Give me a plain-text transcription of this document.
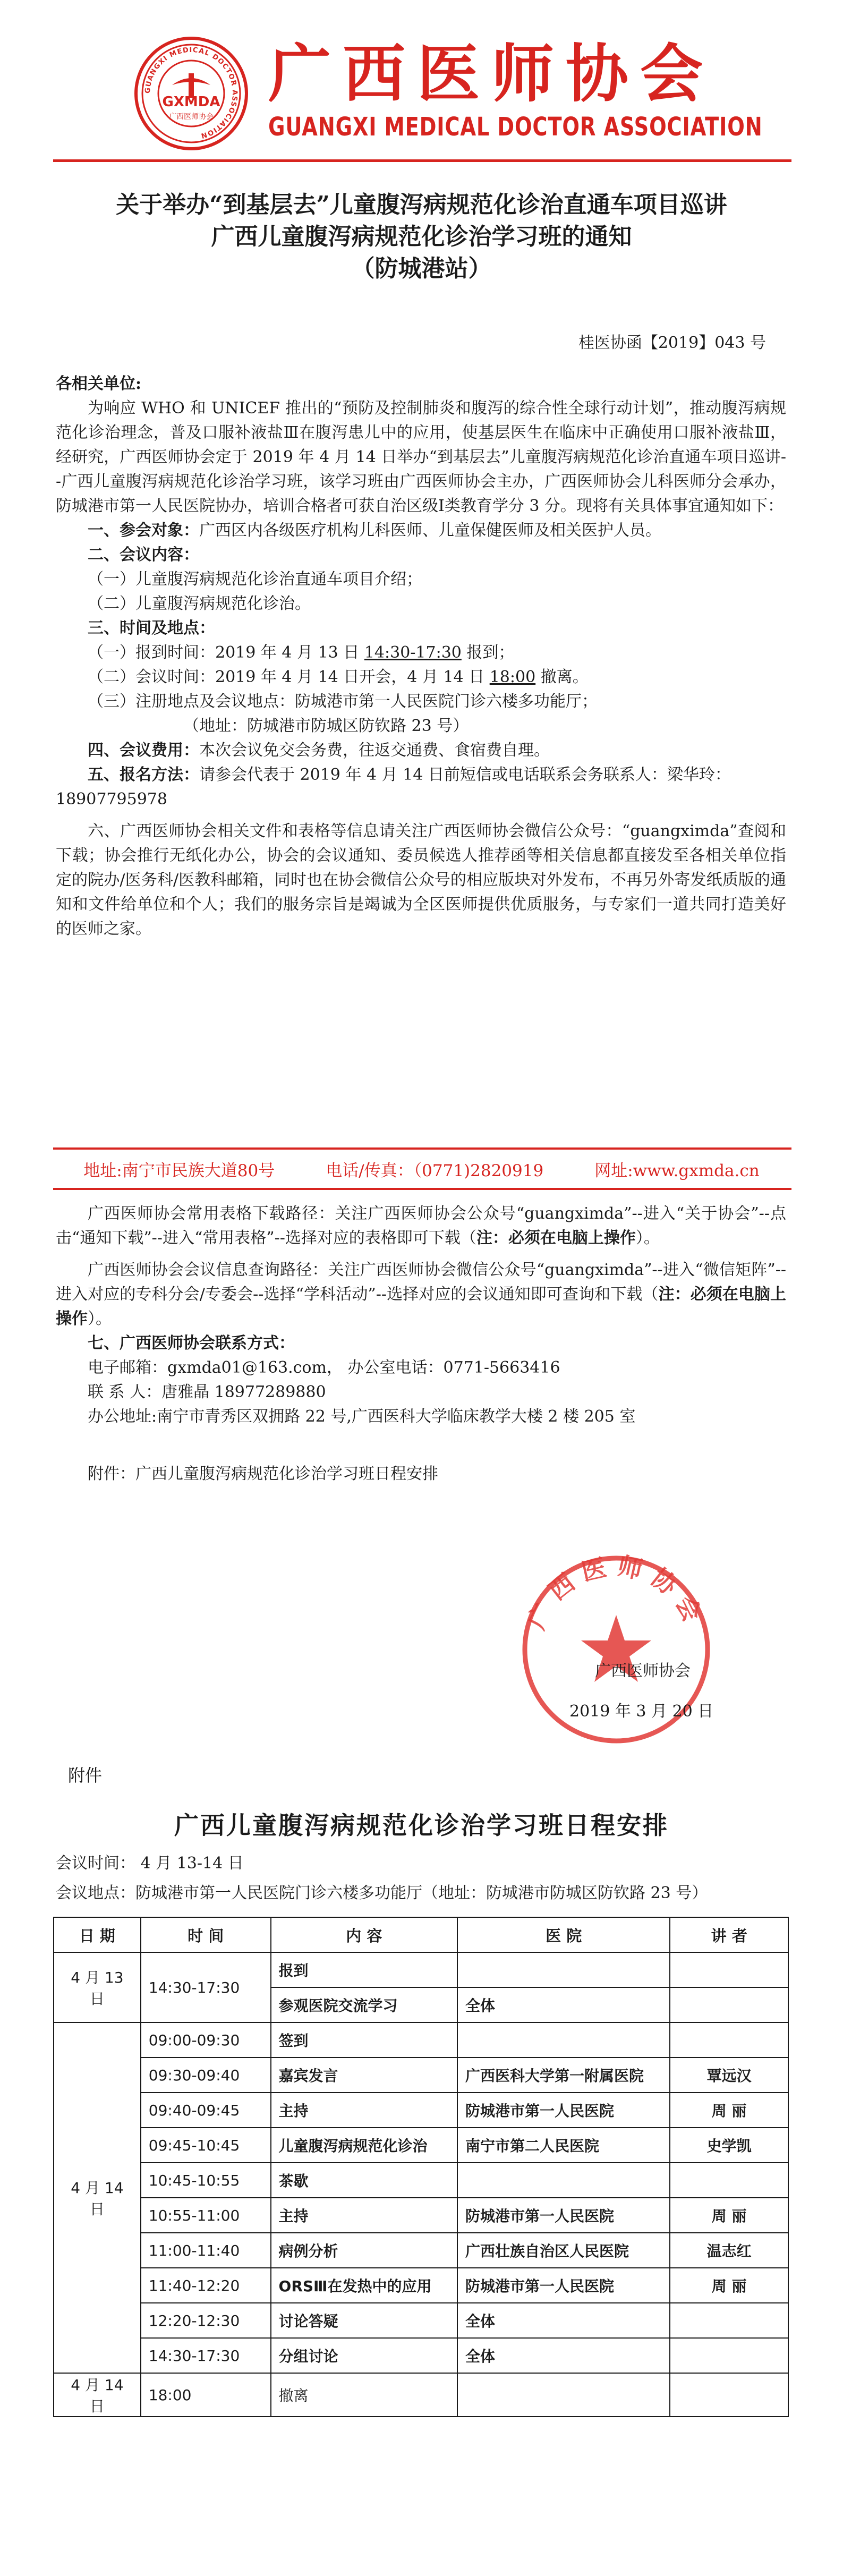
GUANGXI MEDICAL DOCTOR ASSOCIATION
GXMDA
广西医师协会
广西医师协会
GUANGXI MEDICAL DOCTOR ASSOCIATION
关于举办“到基层去”儿童腹泻病规范化诊治直通车项目巡讲
广西儿童腹泻病规范化诊治学习班的通知
（防城港站）
桂医协函【2019】043 号

各相关单位:

为响应 WHO 和 UNICEF 推出的“预防及控制肺炎和腹泻的综合性全球行动计划”，推动腹泻病规范化诊治理念，普及口服补液盐Ⅲ在腹泻患儿中的应用，使基层医生在临床中正确使用口服补液盐Ⅲ，经研究，广西医师协会定于 2019 年 4 月 14 日举办“到基层去”儿童腹泻病规范化诊治直通车项目巡讲--广西儿童腹泻病规范化诊治学习班，该学习班由广西医师协会主办，广西医师协会儿科医师分会承办，防城港市第一人民医院协办，培训合格者可获自治区级Ⅰ类教育学分 3 分。现将有关具体事宜通知如下：

一、参会对象：广西区内各级医疗机构儿科医师、儿童保健医师及相关医护人员。

二、会议内容：

（一）儿童腹泻病规范化诊治直通车项目介绍；

（二）儿童腹泻病规范化诊治。

三、时间及地点：

（一）报到时间：2019 年 4 月 13 日 14:30-17:30 报到；

（二）会议时间：2019 年 4 月 14 日开会，4 月 14 日 18:00 撤离。

（三）注册地点及会议地点：防城港市第一人民医院门诊六楼多功能厅；

（地址：防城港市防城区防钦路 23 号）

四、会议费用：本次会议免交会务费，往返交通费、食宿费自理。

五、报名方法：请参会代表于 2019 年 4 月 14 日前短信或电话联系会务联系人：梁华玲：

18907795978

六、广西医师协会相关文件和表格等信息请关注广西医师协会微信公众号：“guangximda”查阅和下载；协会推行无纸化办公，协会的会议通知、委员候选人推荐函等相关信息都直接发至各相关单位指定的院办/医务科/医教科邮箱，同时也在协会微信公众号的相应版块对外发布，不再另外寄发纸质版的通知和文件给单位和个人；我们的服务宗旨是竭诚为全区医师提供优质服务，与专家们一道共同打造美好的医师之家。

地址:南宁市民族大道80号	电话/传真：（0771)2820919	网址:www.gxmda.cn

广西医师协会常用表格下载路径：关注广西医师协会公众号“guangximda”--进入“关于协会”--点击“通知下载”--进入“常用表格”--选择对应的表格即可下载（注：必须在电脑上操作）。

广西医师协会会议信息查询路径：关注广西医师协会微信公众号“guangximda”--进入“微信矩阵”--进入对应的专科分会/专委会--选择“学科活动”--选择对应的会议通知即可查询和下载（注：必须在电脑上操作）。

七、广西医师协会联系方式：

电子邮箱：gxmda01@163.com， 办公室电话：0771-5663416

联 系 人：唐雅晶 18977289880

办公地址:南宁市青秀区双拥路 22 号,广西医科大学临床教学大楼 2 楼 205 室

附件：广西儿童腹泻病规范化诊治学习班日程安排

广西医师协会
广西医师协会
2019 年 3 月 20 日
附件
广西儿童腹泻病规范化诊治学习班日程安排
会议时间： 4 月 13-14 日
会议地点：防城港市第一人民医院门诊六楼多功能厅（地址：防城港市防城区防钦路 23 号）
日 期	时 间	内 容	医 院	讲 者
4 月 13 日	14:30-17:30	报到		
		参观医院交流学习	全体	
4 月 14 日	09:00-09:30	签到		
	09:30-09:40	嘉宾发言	广西医科大学第一附属医院	覃远汉
	09:40-09:45	主持	防城港市第一人民医院	周 丽
	09:45-10:45	儿童腹泻病规范化诊治	南宁市第二人民医院	史学凯
	10:45-10:55	茶歇		
	10:55-11:00	主持	防城港市第一人民医院	周 丽
	11:00-11:40	病例分析	广西壮族自治区人民医院	温志红
	11:40-12:20	ORSⅢ在发热中的应用	防城港市第一人民医院	周 丽
	12:20-12:30	讨论答疑	全体	
	14:30-17:30	分组讨论	全体	
4 月 14 日	18:00	撤离		
